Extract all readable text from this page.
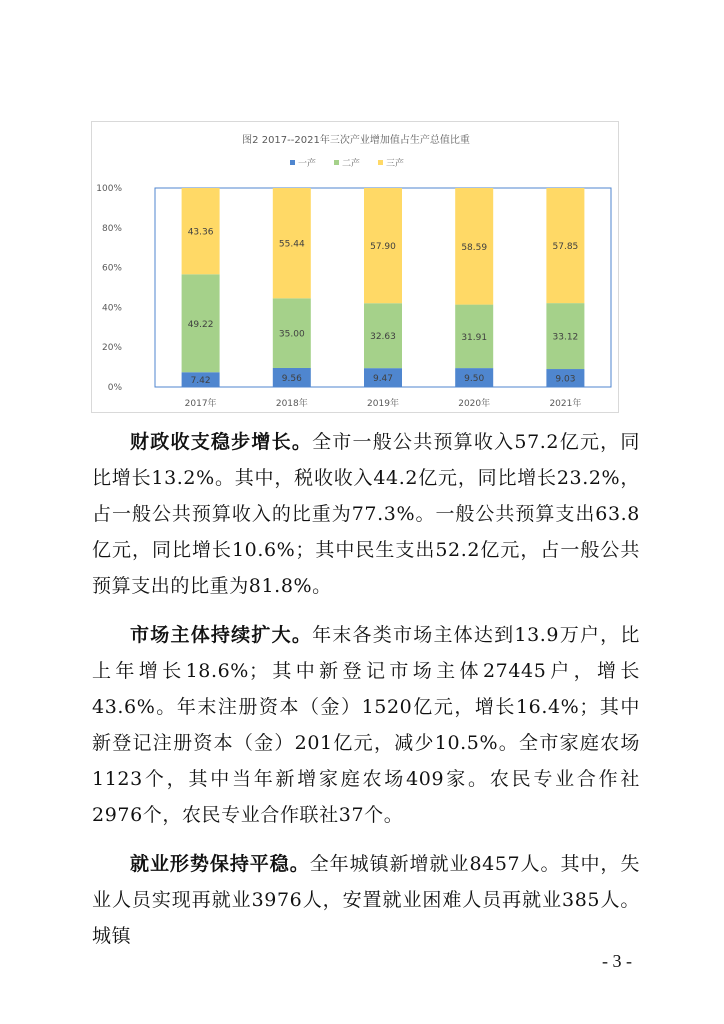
图2 2017--2021年三次产业增加值占生产总值比重
一产	二产	三产
0%
20%
40%
60%
80%
100%
7.42
49.22
43.36
9.56
35.00
55.44
9.47
32.63
57.90
9.50
31.91
58.59
9.03
33.12
57.85
2017年	2018年	2019年	2020年	2021年

财政收支稳步增长。全市一般公共预算收入57.2亿元，同比增长13.2%。其中，税收收入44.2亿元，同比增长23.2%，占一般公共预算收入的比重为77.3%。一般公共预算支出63.8亿元，同比增长10.6%；其中民生支出52.2亿元，占一般公共预算支出的比重为81.8%。

市场主体持续扩大。年末各类市场主体达到13.9万户，比上年增长18.6%；其中新登记市场主体27445户，增长43.6%。年末注册资本（金）1520亿元，增长16.4%；其中新登记注册资本（金）201亿元，减少10.5%。全市家庭农场1123个，其中当年新增家庭农场409家。农民专业合作社2976个，农民专业合作联社37个。

就业形势保持平稳。全年城镇新增就业8457人。其中，失业人员实现再就业3976人，安置就业困难人员再就业385人。城镇

- 3 -
